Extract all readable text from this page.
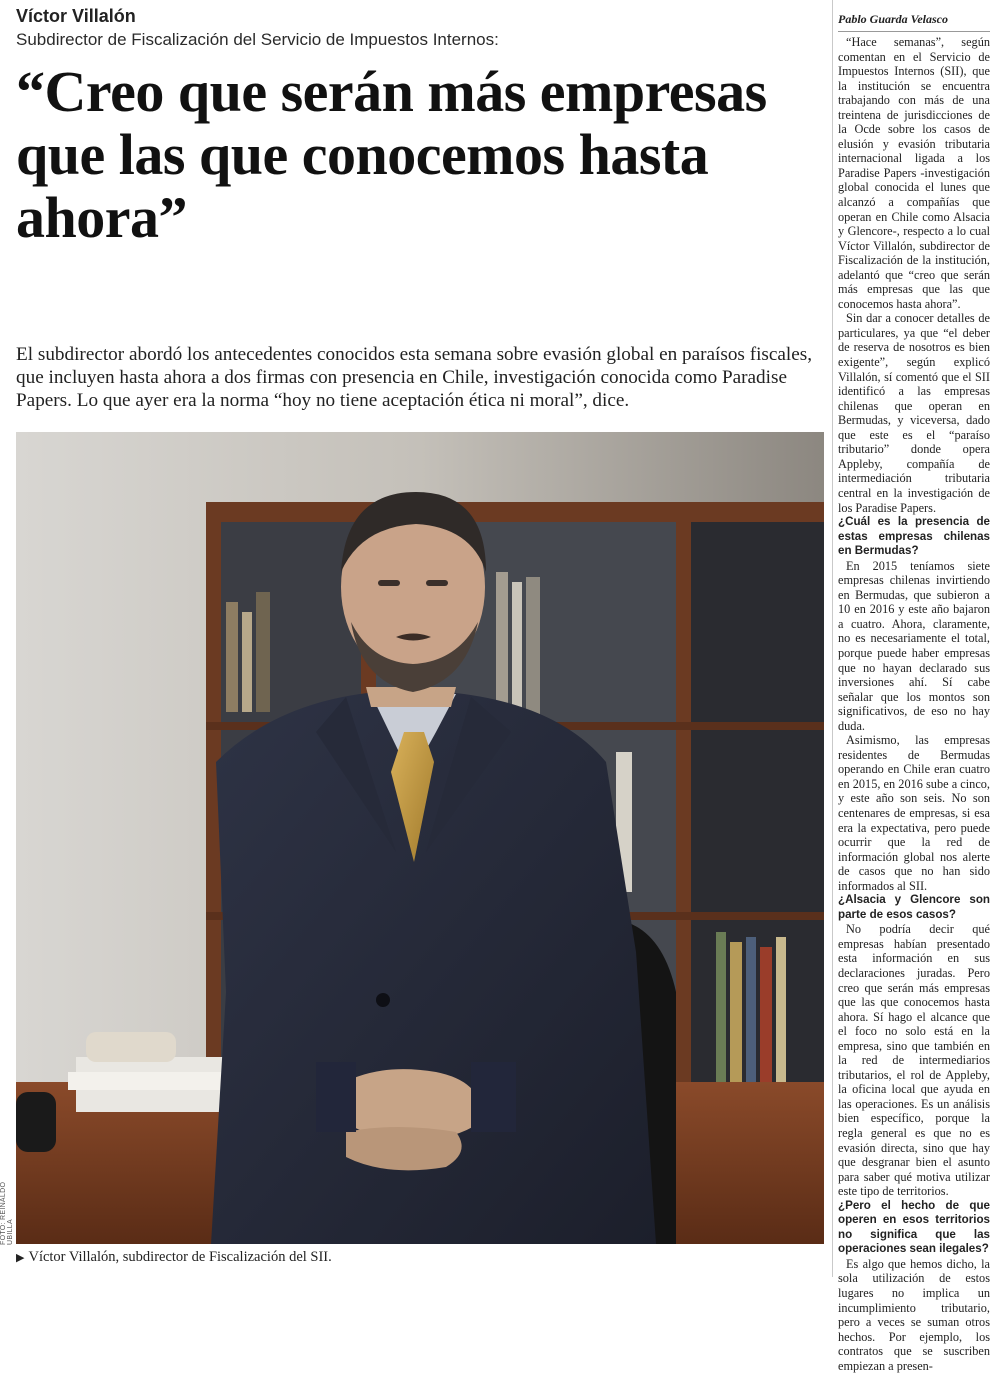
Víctor Villalón
Subdirector de Fiscalización del Servicio de Impuestos Internos:
“Creo que serán más empresas que las que conocemos hasta ahora”

El subdirector abordó los antecedentes conocidos esta semana sobre evasión global en paraísos fiscales, que incluyen hasta ahora a dos firmas con presencia en Chile, investigación conocida como Paradise Papers. Lo que ayer era la norma “hoy no tiene aceptación ética ni moral”, dice.

FOTO: REINALDO UBILLA
▶ Víctor Villalón, subdirector de Fiscalización del SII.
Pablo Guarda Velasco

“Hace semanas”, según comentan en el Servicio de Impuestos Internos (SII), que la institución se encuentra trabajando con más de una treintena de jurisdicciones de la Ocde sobre los casos de elusión y evasión tributaria internacional ligada a los Paradise Papers -investigación global conocida el lunes que alcanzó a compañías que operan en Chile como Alsacia y Glencore-, respecto a lo cual Víctor Villalón, subdirector de Fiscalización de la institución, adelantó que “creo que serán más empresas que las que conocemos hasta ahora”.

Sin dar a conocer detalles de particulares, ya que “el deber de reserva de nosotros es bien exigente”, según explicó Villalón, sí comentó que el SII identificó a las empresas chilenas que operan en Bermudas, y viceversa, dado que este es el “paraíso tributario” donde opera Appleby, compañía de intermediación tributaria central en la investigación de los Paradise Papers.

¿Cuál es la presencia de estas empresas chilenas en Bermudas?

En 2015 teníamos siete empresas chilenas invirtiendo en Bermudas, que subieron a 10 en 2016 y este año bajaron a cuatro. Ahora, claramente, no es necesariamente el total, porque puede haber empresas que no hayan declarado sus inversiones ahí. Sí cabe señalar que los montos son significativos, de eso no hay duda.

Asimismo, las empresas residentes de Bermudas operando en Chile eran cuatro en 2015, en 2016 sube a cinco, y este año son seis. No son centenares de empresas, si esa era la expectativa, pero puede ocurrir que la red de información global nos alerte de casos que no han sido informados al SII.

¿Alsacia y Glencore son parte de esos casos?

No podría decir qué empresas habían presentado esta información en sus declaraciones juradas. Pero creo que serán más empresas que las que conocemos hasta ahora. Sí hago el alcance que el foco no solo está en la empresa, sino que también en la red de intermediarios tributarios, el rol de Appleby, la oficina local que ayuda en las operaciones. Es un análisis bien específico, porque la regla general es que no es evasión directa, sino que hay que desgranar bien el asunto para saber qué motiva utilizar este tipo de territorios.

¿Pero el hecho de que operen en esos territorios no significa que las operaciones sean ilegales?

Es algo que hemos dicho, la sola utilización de estos lugares no implica un incumplimiento tributario, pero a veces se suman otros hechos. Por ejemplo, los contratos que se suscriben empiezan a presen-
